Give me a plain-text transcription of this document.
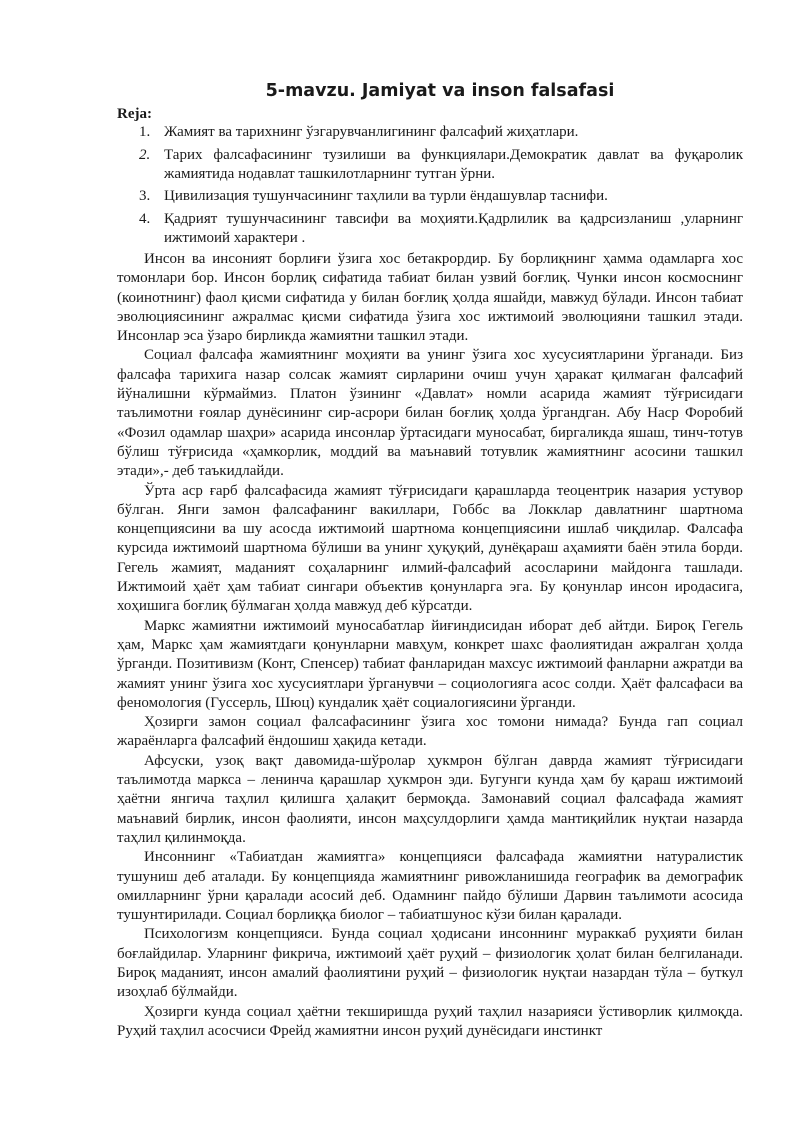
5-mavzu. Jamiyat va inson falsafasi
Reja:
1. Жамият ва тарихнинг ўзгарувчанлигининг фалсафий жиҳатлари.
2. Тарих фалсафасининг тузилиши ва функциялари.Демократик давлат ва фуқаролик жамиятида нодавлат ташкилотларнинг тутган ўрни.
3. Цивилизация тушунчасининг таҳлили ва турли ёндашувлар таснифи.
4. Қадрият тушунчасининг тавсифи ва моҳияти.Қадрлилик ва қадрсизланиш ,уларнинг ижтимоий характери .

Инсон ва инсоният борлиғи ўзига хос бетакрордир. Бу борлиқнинг ҳамма одамларга хос томонлари бор. Инсон борлиқ сифатида табиат билан узвий боғлиқ. Чунки инсон космоснинг (коинотнинг) фаол қисми сифатида у билан боғлиқ ҳолда яшайди, мавжуд бўлади. Инсон табиат эволюциясининг ажралмас қисми сифатида ўзига хос ижтимоий эволюцияни ташкил этади. Инсонлар эса ўзаро бирликда жамиятни ташкил этади.

Социал фалсафа жамиятнинг моҳияти ва унинг ўзига хос хусусиятларини ўрганади. Биз фалсафа тарихига назар солсак жамият сирларини очиш учун ҳаракат қилмаган фалсафий йўналишни кўрмаймиз. Платон ўзининг «Давлат» номли асарида жамият тўғрисидаги таълимотни ғоялар дунёсининг сир-асрори билан боғлиқ ҳолда ўргандган. Абу Наср Форобий «Фозил одамлар шаҳри» асарида инсонлар ўртасидаги муносабат, биргаликда яшаш, тинч-тотув бўлиш тўғрисида «ҳамкорлик, моддий ва маънавий тотувлик жамиятнинг асосини ташкил этади»,- деб таъкидлайди.

Ўрта аср ғарб фалсафасида жамият тўғрисидаги қарашларда теоцентрик назария устувор бўлган. Янги замон фалсафанинг вакиллари, Гоббс ва Локклар давлатнинг шартнома концепциясини ва шу асосда ижтимоий шартнома концепциясини ишлаб чиқдилар. Фалсафа курсида ижтимоий шартнома бўлиши ва унинг ҳуқуқий, дунёқараш аҳамияти баён этила борди. Гегель жамият, маданият соҳаларнинг илмий-фалсафий асосларини майдонга ташлади. Ижтимоий ҳаёт ҳам табиат сингари объектив қонунларга эга. Бу қонунлар инсон иродасига, хоҳишига боғлиқ бўлмаган ҳолда мавжуд деб кўрсатди.

Маркс жамиятни ижтимоий муносабатлар йиғиндисидан иборат деб айтди. Бироқ Гегель ҳам, Маркс ҳам жамиятдаги қонунларни мавҳум, конкрет шахс фаолиятидан ажралган ҳолда ўрганди. Позитивизм (Конт, Спенсер) табиат фанларидан махсус ижтимоий фанларни ажратди ва жамият унинг ўзига хос хусусиятлари ўрганувчи – социологияга асос солди. Ҳаёт фалсафаси ва феномология (Гуссерль, Шюц) кундалик ҳаёт социалогиясини ўрганди.

Ҳозирги замон социал фалсафасининг ўзига хос томони нимада? Бунда гап социал жараёнларга фалсафий ёндошиш ҳақида кетади.

Афсуски, узоқ вақт давомида-шўролар ҳукмрон бўлган даврда жамият тўғрисидаги таълимотда маркса – ленинча қарашлар ҳукмрон эди. Бугунги кунда ҳам бу қараш ижтимоий ҳаётни янгича таҳлил қилишга ҳалақит бермоқда. Замонавий социал фалсафада жамият маънавий бирлик, инсон фаолияти, инсон маҳсулдорлиги ҳамда мантиқийлик нуқтаи назарда таҳлил қилинмоқда.

Инсоннинг «Табиатдан жамиятга» концепцияси фалсафада жамиятни натуралистик тушуниш деб аталади. Бу концепцияда жамиятнинг ривожланишида географик ва демографик омилларнинг ўрни қаралади асосий деб. Одамнинг пайдо бўлиши Дарвин таълимоти асосида тушунтирилади. Социал борлиққа биолог – табиатшунос кўзи билан қаралади.

Психологизм концепцияси. Бунда социал ҳодисани инсоннинг мураккаб руҳияти билан боғлайдилар. Уларнинг фикрича, ижтимоий ҳаёт руҳий – физиологик ҳолат билан белгиланади. Бироқ маданият, инсон амалий фаолиятини руҳий – физиологик нуқтаи назардан тўла – буткул изоҳлаб бўлмайди.

Ҳозирги кунда социал ҳаётни текширишда руҳий таҳлил назарияси ўстиворлик қилмоқда. Руҳий таҳлил асосчиси Фрейд жамиятни инсон руҳий дунёсидаги инстинкт
